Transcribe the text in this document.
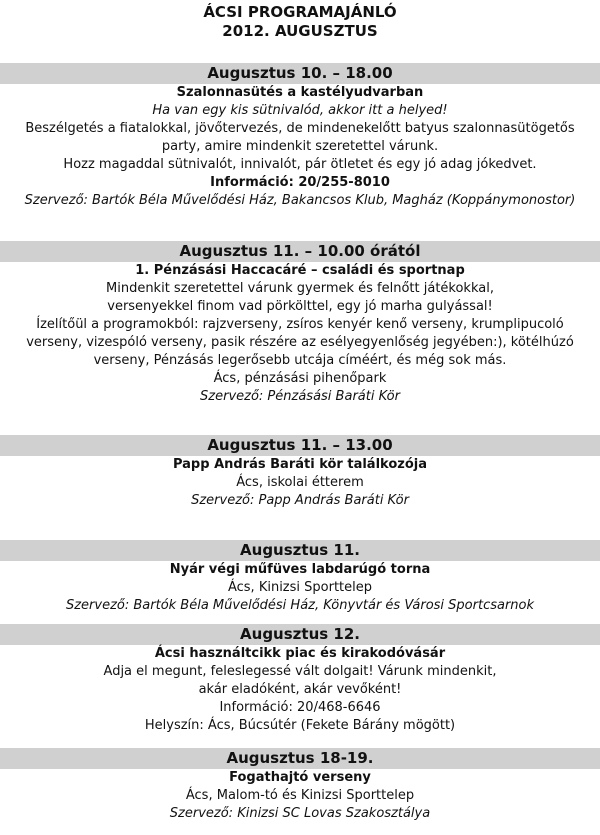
ÁCSI PROGRAMAJÁNLÓ
2012. AUGUSZTUS
Augusztus 10. – 18.00

Szalonnasütés a kastélyudvarban

Ha van egy kis sütnivalód, akkor itt a helyed!

Beszélgetés a fiatalokkal, jövőtervezés, de mindenekelőtt batyus szalonnasütögetős

party, amire mindenkit szeretettel várunk.

Hozz magaddal sütnivalót, innivalót, pár ötletet és egy jó adag jókedvet.

Információ: 20/255-8010

Szervező: Bartók Béla Művelődési Ház, Bakancsos Klub, Magház (Koppánymonostor)

Augusztus 11. – 10.00 órától

1. Pénzásási Haccacáré – családi és sportnap

Mindenkit szeretettel várunk gyermek és felnőtt játékokkal,

versenyekkel finom vad pörkölttel, egy jó marha gulyással!

Ízelítőül a programokból: rajzverseny, zsíros kenyér kenő verseny, krumplipucoló

verseny, vizespóló verseny, pasik részére az esélyegyenlőség jegyében:), kötélhúzó

verseny, Pénzásás legerősebb utcája címéért, és még sok más.

Ács, pénzásási pihenőpark

Szervező: Pénzásási Baráti Kör

Augusztus 11. – 13.00

Papp András Baráti kör találkozója

Ács, iskolai étterem

Szervező: Papp András Baráti Kör

Augusztus 11.

Nyár végi műfüves labdarúgó torna

Ács, Kinizsi Sporttelep

Szervező: Bartók Béla Művelődési Ház, Könyvtár és Városi Sportcsarnok

Augusztus 12.

Ácsi használtcikk piac és kirakodóvásár

Adja el megunt, feleslegessé vált dolgait! Várunk mindenkit,

akár eladóként, akár vevőként!

Információ: 20/468-6646

Helyszín: Ács, Búcsútér (Fekete Bárány mögött)

Augusztus 18-19.

Fogathajtó verseny

Ács, Malom-tó és Kinizsi Sporttelep

Szervező: Kinizsi SC Lovas Szakosztálya
